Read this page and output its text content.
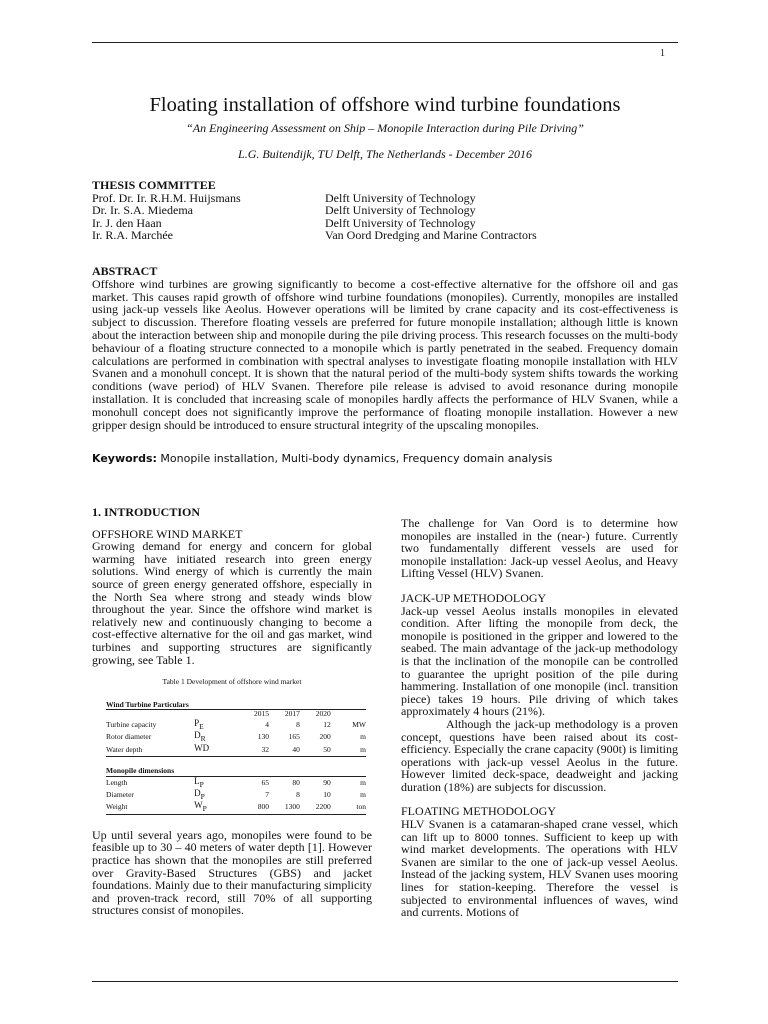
1
Floating installation of offshore wind turbine foundations
“An Engineering Assessment on Ship – Monopile Interaction during Pile Driving”
L.G. Buitendijk, TU Delft, The Netherlands - December 2016
THESIS COMMITTEE
Prof. Dr. Ir. R.H.M. Huijsmans	Delft University of Technology
Dr. Ir. S.A. Miedema	Delft University of Technology
Ir. J. den Haan	Delft University of Technology
Ir. R.A. Marchée	Van Oord Dredging and Marine Contractors
ABSTRACT
Offshore wind turbines are growing significantly to become a cost-effective alternative for the offshore oil and gas market. This causes rapid growth of offshore wind turbine foundations (monopiles). Currently, monopiles are installed using jack-up vessels like Aeolus. However operations will be limited by crane capacity and its cost-effectiveness is subject to discussion. Therefore floating vessels are preferred for future monopile installation; although little is known about the interaction between ship and monopile during the pile driving process. This research focusses on the multi-body behaviour of a floating structure connected to a monopile which is partly penetrated in the seabed. Frequency domain calculations are performed in combination with spectral analyses to investigate floating monopile installation with HLV Svanen and a monohull concept. It is shown that the natural period of the multi-body system shifts towards the working conditions (wave period) of HLV Svanen. Therefore pile release is advised to avoid resonance during monopile installation. It is concluded that increasing scale of monopiles hardly affects the performance of HLV Svanen, while a monohull concept does not significantly improve the performance of floating monopile installation. However a new gripper design should be introduced to ensure structural integrity of the upscaling monopiles.
Keywords: Monopile installation, Multi-body dynamics, Frequency domain analysis
1. INTRODUCTION
OFFSHORE WIND MARKET

Growing demand for energy and concern for global warming have initiated research into green energy solutions. Wind energy of which is currently the main source of green energy generated offshore, especially in the North Sea where strong and steady winds blow throughout the year. Since the offshore wind market is relatively new and continuously changing to become a cost-effective alternative for the oil and gas market, wind turbines and supporting structures are significantly growing, see Table 1.

Table 1 Development of offshore wind market
Wind Turbine Particulars					
		2015	2017	2020	
Turbine capacity	$P_E$	4	8	12	MW
Rotor diameter	$D_R$	130	165	200	m
Water depth	WD	32	40	50	m

Monopile dimensions					
Length	$L_P$	65	80	90	m
Diameter	$D_P$	7	8	10	m
Weight	$W_P$	800	1300	2200	ton

Up until several years ago, monopiles were found to be feasible up to 30 – 40 meters of water depth [1]. However practice has shown that the monopiles are still preferred over Gravity-Based Structures (GBS) and jacket foundations. Mainly due to their manufacturing simplicity and proven-track record, still 70% of all supporting structures consist of monopiles.

The challenge for Van Oord is to determine how monopiles are installed in the (near-) future. Currently two fundamentally different vessels are used for monopile installation: Jack-up vessel Aeolus, and Heavy Lifting Vessel (HLV) Svanen.

JACK-UP METHODOLOGY

Jack-up vessel Aeolus installs monopiles in elevated condition. After lifting the monopile from deck, the monopile is positioned in the gripper and lowered to the seabed. The main advantage of the jack-up methodology is that the inclination of the monopile can be controlled to guarantee the upright position of the pile during hammering. Installation of one monopile (incl. transition piece) takes 19 hours. Pile driving of which takes approximately 4 hours (21%).

Although the jack-up methodology is a proven concept, questions have been raised about its cost-efficiency. Especially the crane capacity (900t) is limiting operations with jack-up vessel Aeolus in the future. However limited deck-space, deadweight and jacking duration (18%) are subjects for discussion.

FLOATING METHODOLOGY

HLV Svanen is a catamaran-shaped crane vessel, which can lift up to 8000 tonnes. Sufficient to keep up with wind market developments. The operations with HLV Svanen are similar to the one of jack-up vessel Aeolus. Instead of the jacking system, HLV Svanen uses mooring lines for station-keeping. Therefore the vessel is subjected to environmental influences of waves, wind and currents. Motions of
